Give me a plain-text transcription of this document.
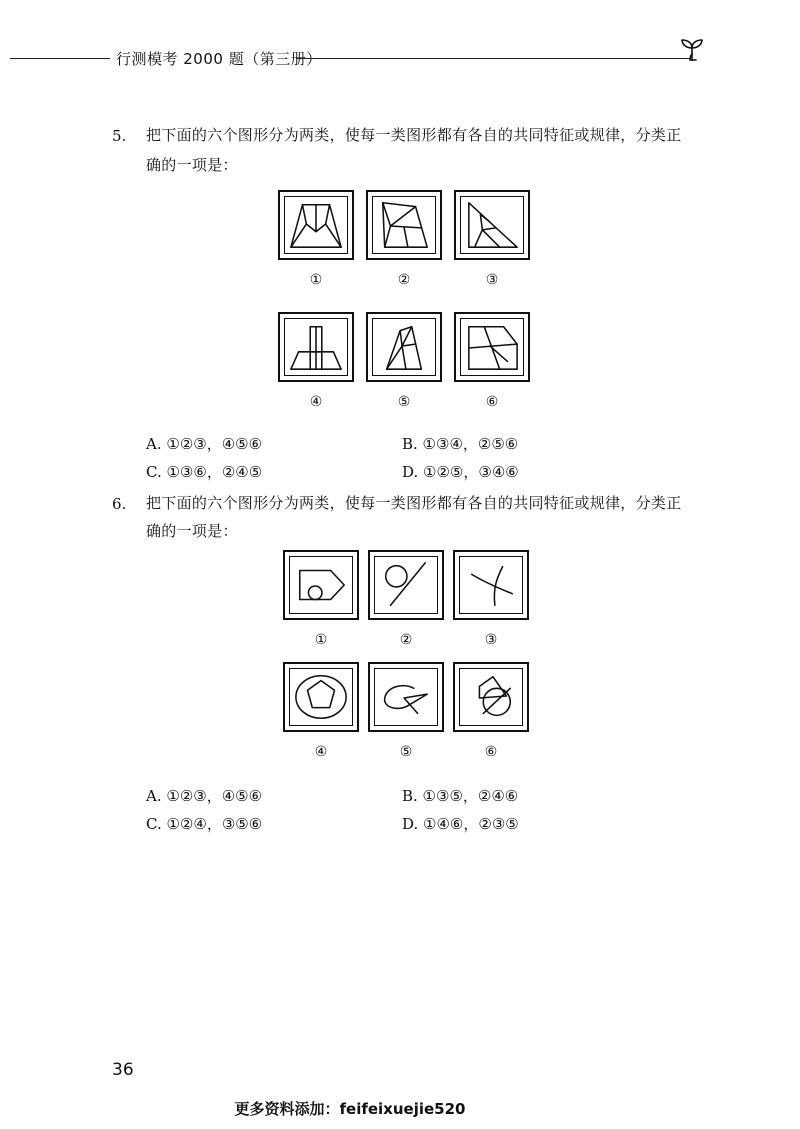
行测模考 2000 题（第三册）
5. 把下面的六个图形分为两类，使每一类图形都有各自的共同特征或规律，分类正
确的一项是：
①	②	③
④	⑤	⑥
A. ①②③，④⑤⑥	B. ①③④，②⑤⑥
C. ①③⑥，②④⑤	D. ①②⑤，③④⑥
6. 把下面的六个图形分为两类，使每一类图形都有各自的共同特征或规律，分类正
确的一项是：
①	②	③
④	⑤	⑥
A. ①②③，④⑤⑥	B. ①③⑤，②④⑥
C. ①②④，③⑤⑥	D. ①④⑥，②③⑤
36
更多资料添加：feifeixuejie520
